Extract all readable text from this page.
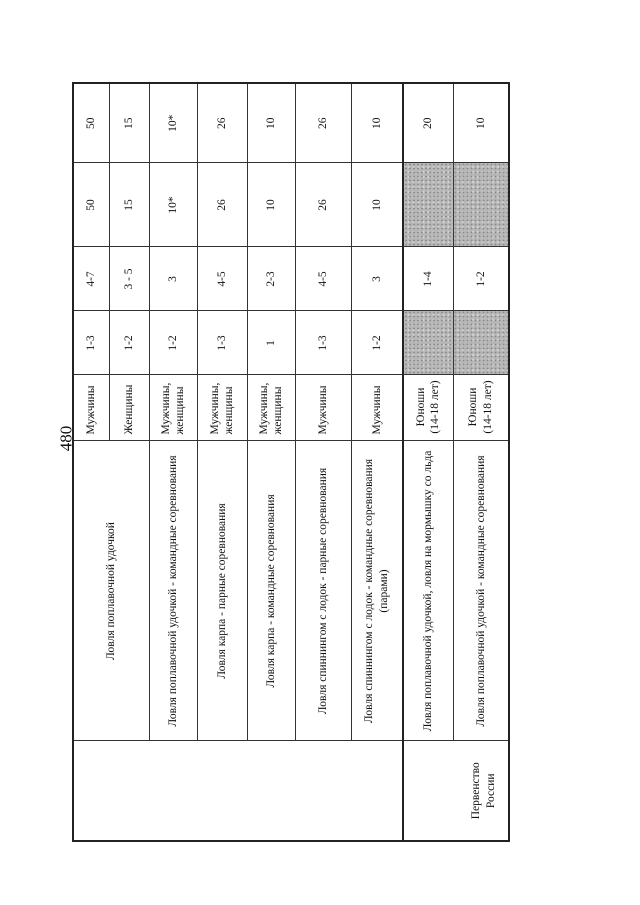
480
	Ловля поплавочной удочкой	Мужчины	1-3	4-7	50	50
		Женщины	1-2	3 - 5	15	15
	Ловля поплавочной удочкой - командные соревнования	Мужчины, женщины	1-2	3	10*	10*
	Ловля карпа - парные соревнования	Мужчины, женщины	1-3	4-5	26	26
	Ловля карпа - командные соревнования	Мужчины, женщины	1	2-3	10	10
	Ловля спиннингом с лодок - парные соревнования	Мужчины	1-3	4-5	26	26
	Ловля спиннингом с лодок - командные соревнования (парами)	Мужчины	1-2	3	10	10
Первенство России	Ловля поплавочной удочкой, ловля на мормышку со льда	Юноши (14-18 лет)		1-4		20
	Ловля поплавочной удочкой - командные соревнования	Юноши (14-18 лет)		1-2		10
